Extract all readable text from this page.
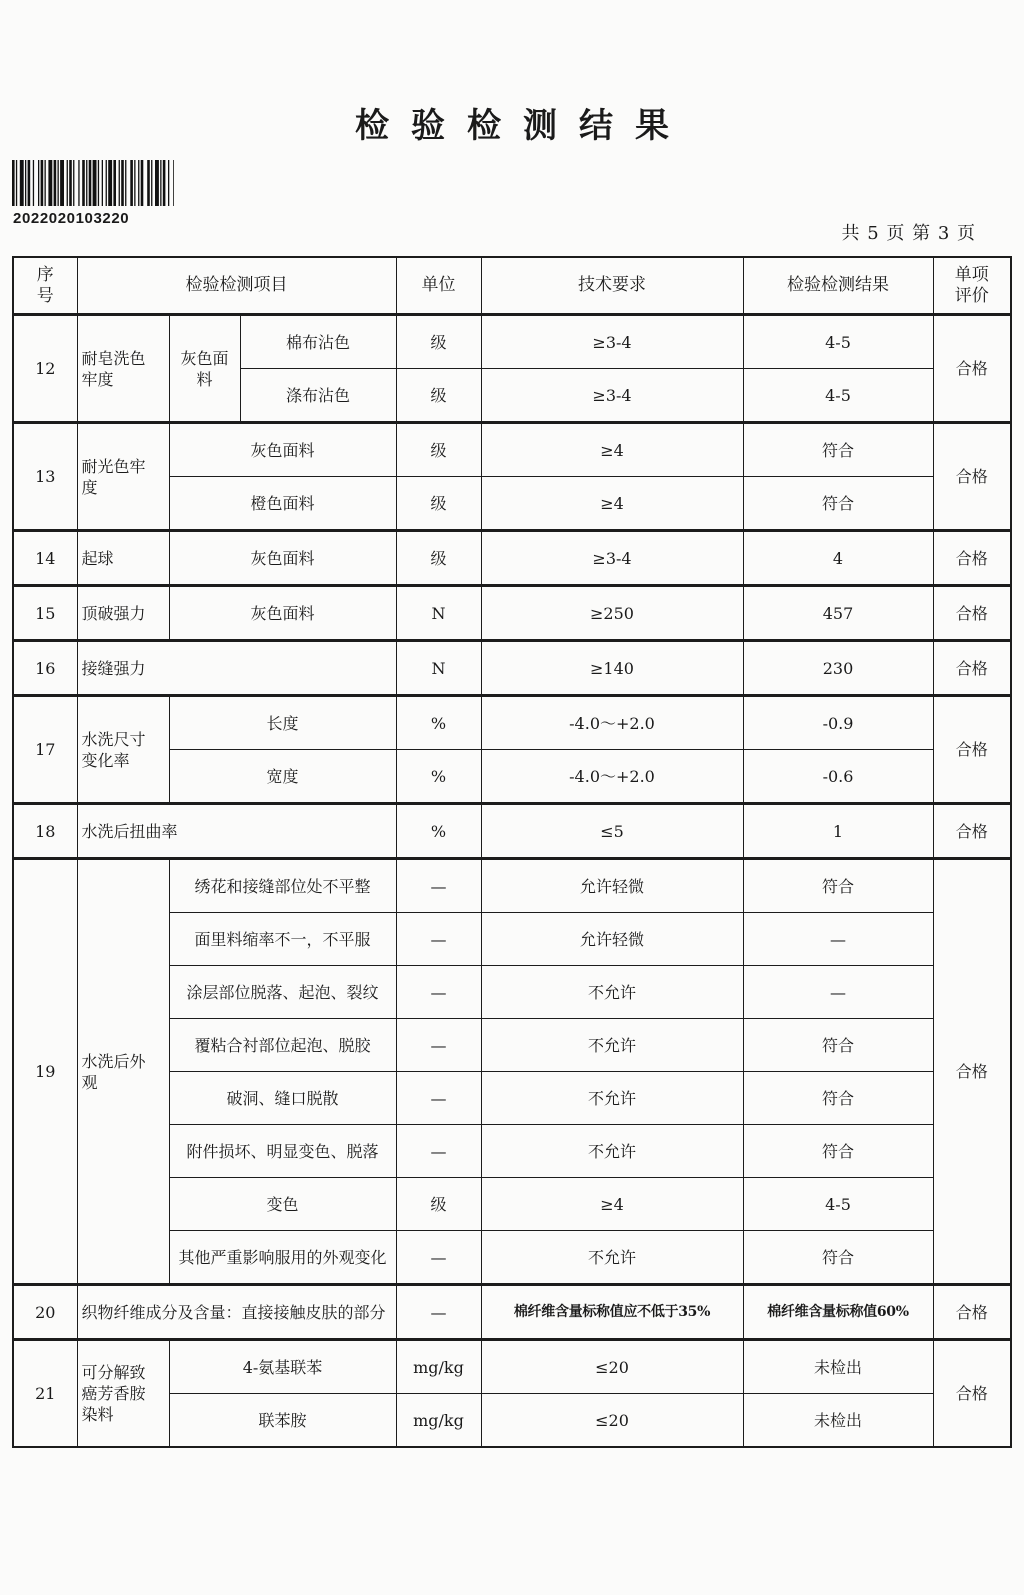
检验检测结果
2022020103220
共 5 页 第 3 页
序号	检验检测项目			单位	技术要求	检验检测结果	单项评价
12	耐皂洗色牢度	灰色面料	棉布沾色	级	≥3-4	4-5	合格
			涤布沾色	级	≥3-4	4-5	
13	耐光色牢度	灰色面料		级	≥4	符合	合格
		橙色面料		级	≥4	符合	
14	起球	灰色面料		级	≥3-4	4	合格
15	顶破强力	灰色面料		N	≥250	457	合格
16	接缝强力			N	≥140	230	合格
17	水洗尺寸变化率	长度		%	-4.0～+2.0	-0.9	合格
		宽度		%	-4.0～+2.0	-0.6	
18	水洗后扭曲率			%	≤5	1	合格
19	水洗后外观	绣花和接缝部位处不平整		—	允许轻微	符合	合格
		面里料缩率不一，不平服		—	允许轻微	—	
		涂层部位脱落、起泡、裂纹		—	不允许	—	
		覆粘合衬部位起泡、脱胶		—	不允许	符合	
		破洞、缝口脱散		—	不允许	符合	
		附件损坏、明显变色、脱落		—	不允许	符合	
		变色		级	≥4	4-5	
		其他严重影响服用的外观变化		—	不允许	符合	
20	织物纤维成分及含量：直接接触皮肤的部分			—	棉纤维含量标称值应不低于35%	棉纤维含量标称值60%	合格
21	可分解致癌芳香胺染料	4-氨基联苯		mg/kg	≤20	未检出	合格
		联苯胺		mg/kg	≤20	未检出	
